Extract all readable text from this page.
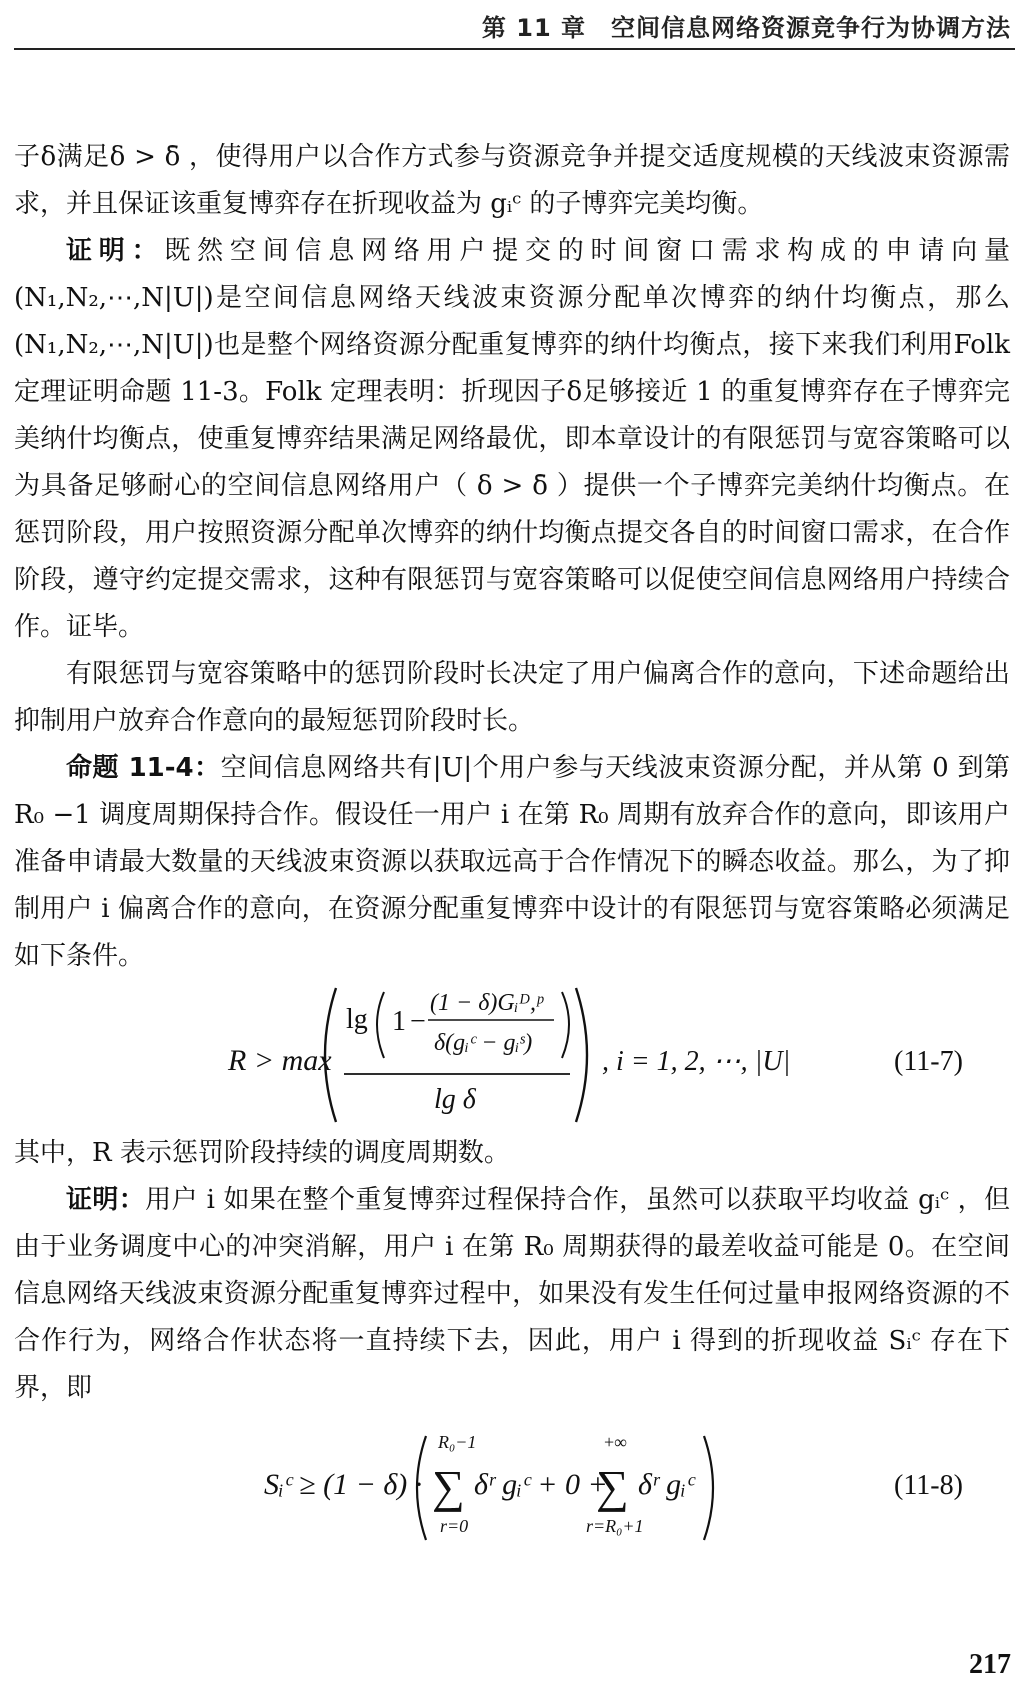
第 11 章　空间信息网络资源竞争行为协调方法

子δ满足δ > δ̄ ，使得用户以合作方式参与资源竞争并提交适度规模的天线波束资源需求，并且保证该重复博弈存在折现收益为 gᵢᶜ 的子博弈完美均衡。

证明：既然空间信息网络用户提交的时间窗口需求构成的申请向量(N₁,N₂,⋯,N|U|)是空间信息网络天线波束资源分配单次博弈的纳什均衡点，那么(N₁,N₂,⋯,N|U|)也是整个网络资源分配重复博弈的纳什均衡点，接下来我们利用Folk 定理证明命题 11-3。Folk 定理表明：折现因子δ足够接近 1 的重复博弈存在子博弈完美纳什均衡点，使重复博弈结果满足网络最优，即本章设计的有限惩罚与宽容策略可以为具备足够耐心的空间信息网络用户（ δ > δ̄ ）提供一个子博弈完美纳什均衡点。在惩罚阶段，用户按照资源分配单次博弈的纳什均衡点提交各自的时间窗口需求，在合作阶段，遵守约定提交需求，这种有限惩罚与宽容策略可以促使空间信息网络用户持续合作。证毕。

有限惩罚与宽容策略中的惩罚阶段时长决定了用户偏离合作的意向，下述命题给出抑制用户放弃合作意向的最短惩罚阶段时长。

命题 11-4：空间信息网络共有|U|个用户参与天线波束资源分配，并从第 0 到第 R₀ −1 调度周期保持合作。假设任一用户 i 在第 R₀ 周期有放弃合作的意向，即该用户准备申请最大数量的天线波束资源以获取远高于合作情况下的瞬态收益。那么，为了抑制用户 i 偏离合作的意向，在资源分配重复博弈中设计的有限惩罚与宽容策略必须满足如下条件。

R > max
lg 1 −
(1 − δ)Gᵢᴰ,ᵖ
δ(gᵢᶜ − gᵢˢ)
lg δ
, i = 1, 2, ⋯, |U|	(11-7)

其中，R 表示惩罚阶段持续的调度周期数。

证明：用户 i 如果在整个重复博弈过程保持合作，虽然可以获取平均收益 gᵢᶜ ，但由于业务调度中心的冲突消解，用户 i 在第 R₀ 周期获得的最差收益可能是 0。在空间信息网络天线波束资源分配重复博弈过程中，如果没有发生任何过量申报网络资源的不合作行为，网络合作状态将一直持续下去，因此，用户 i 得到的折现收益 Sᵢᶜ 存在下界，即

Sᵢᶜ ≥ (1 − δ) ·
R₀−1
∑
r=0
δʳ gᵢᶜ + 0 +
+∞
∑
r=R₀+1
δʳ gᵢᶜ	(11-8)
217
